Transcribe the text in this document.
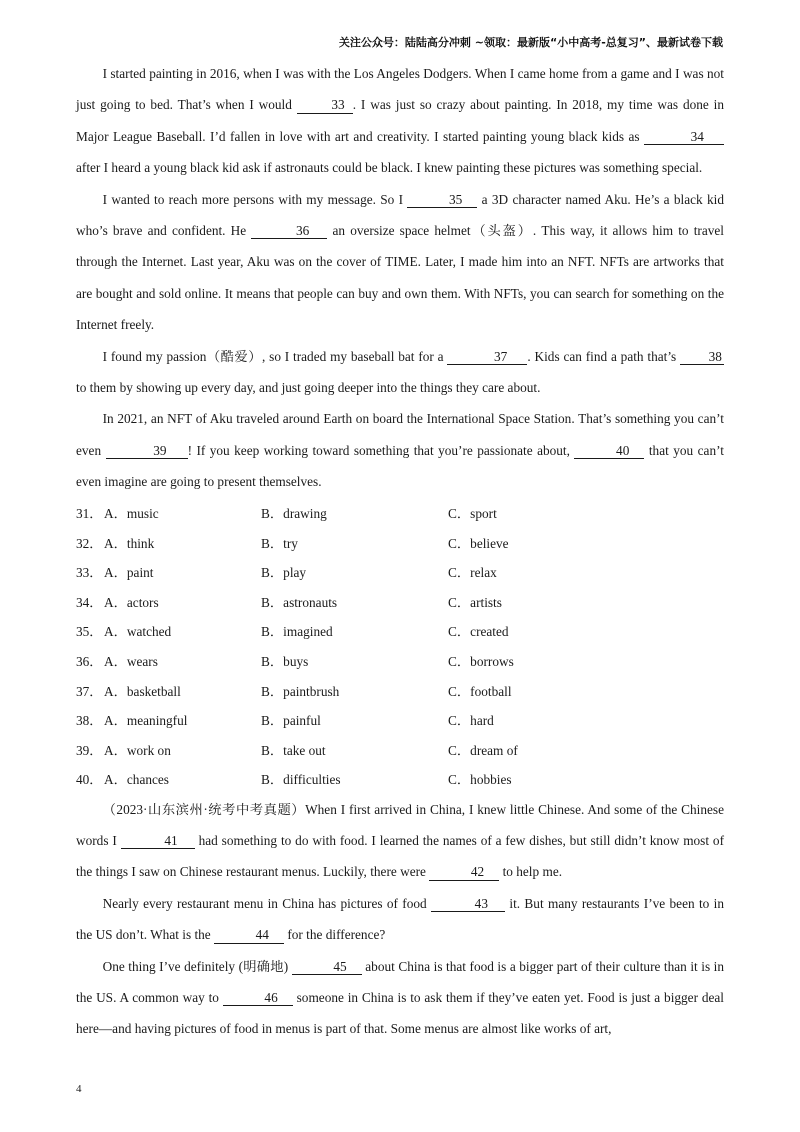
关注公众号：陆陆高分冲刺 ~领取：最新版“小中高考-总复习”、最新试卷下载

I started painting in 2016, when I was with the Los Angeles Dodgers. When I came home from a game and I was not just going to bed. That’s when I would	33 . I was just so crazy about painting. In 2018, my time was done in Major League Baseball. I’d fallen in love with art and creativity. I started painting young black kids as	34 after I heard a young black kid ask if astronauts could be black. I knew painting these pictures was something special.

I wanted to reach more persons with my message. So I	35 a 3D character named Aku. He’s a black kid who’s brave and confident. He	36 an oversize space helmet（头盔）. This way, it allows him to travel through the Internet. Last year, Aku was on the cover of TIME. Later, I made him into an NFT. NFTs are artworks that are bought and sold online. It means that people can buy and own them. With NFTs, you can search for something on the Internet freely.

I found my passion（酷爱）, so I traded my baseball bat for a	37 . Kids can find a path that’s 38 to them by showing up every day, and just going deeper into the things they care about.

In 2021, an NFT of Aku traveled around Earth on board the International Space Station. That’s something you can’t even	39 ! If you keep working toward something that you’re passionate about,	40 that you can’t even imagine are going to present themselves.

31． A．music	B．drawing	C．sport
32． A．think	B．try	C．believe
33． A．paint	B．play	C．relax
34． A．actors	B．astronauts	C．artists
35． A．watched	B．imagined	C．created
36． A．wears	B．buys	C．borrows
37． A．basketball	B．paintbrush	C．football
38． A．meaningful	B．painful	C．hard
39． A．work on	B．take out	C．dream of
40． A．chances	B．difficulties	C．hobbies

（2023·山东滨州·统考中考真题）When I first arrived in China, I knew little Chinese. And some of the Chinese words I	41 had something to do with food. I learned the names of a few dishes, but still didn’t know most of the things I saw on Chinese restaurant menus. Luckily, there were	42 to help me.

Nearly every restaurant menu in China has pictures of food	43 it. But many restaurants I’ve been to in the US don’t. What is the	44 for the difference?

One thing I’ve definitely (明确地)	45 about China is that food is a bigger part of their culture than it is in the US. A common way to	46 someone in China is to ask them if they’ve eaten yet. Food is just a bigger deal here—and having pictures of food in menus is part of that. Some menus are almost like works of art,

4
